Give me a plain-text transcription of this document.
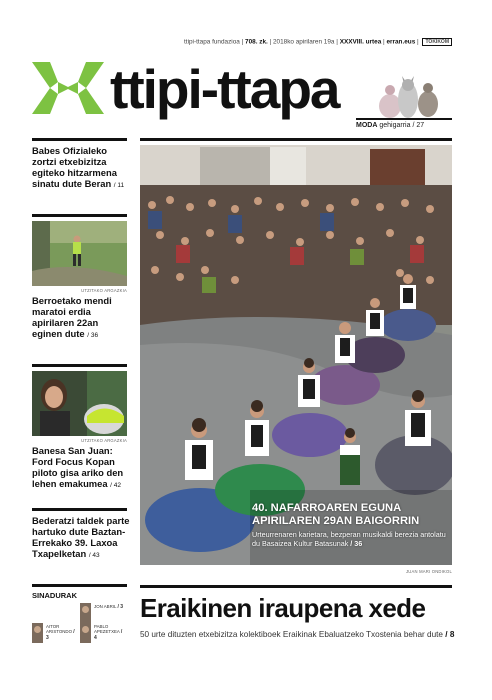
ttipi-ttapa fundazioa | 708. zk. | 2018ko apirilaren 19a | XXXVIII. urtea | erran.eus | TOKIKOM
ttipi-ttapa
MODA gehigarria / 27
Babes Ofizialeko zortzi etxebizitza egiteko hitzarmena sinatu dute Beran / 11
UTZITAKO ARGAZKIA
Berroetako mendi maratoi erdia apirilaren 22an eginen dute / 36
UTZITAKO ARGAZKIA
Banesa San Juan: Ford Focus Kopan piloto gisa ariko den lehen emakumea / 42
Bederatzi taldek parte hartuko dute Baztan-Errekako 39. Laxoa Txapelketan / 43
SINADURAK
JON ABRIL / 3
AITOR ARISTONDO / 3
PABLO APEZETXEA / 4
40. NAFARROAREN EGUNA
APIRILAREN 29AN BAIGORRIN
Urteurrenaren karietara, bezperan musikaldi berezia antolatu du Basaizea Kultur Batasunak / 36
JUAN MARI ONDIKOL
Eraikinen iraupena xede
50 urte dituzten etxebizitza kolektiboek Eraikinak Ebaluatzeko Txostenia behar dute / 8
